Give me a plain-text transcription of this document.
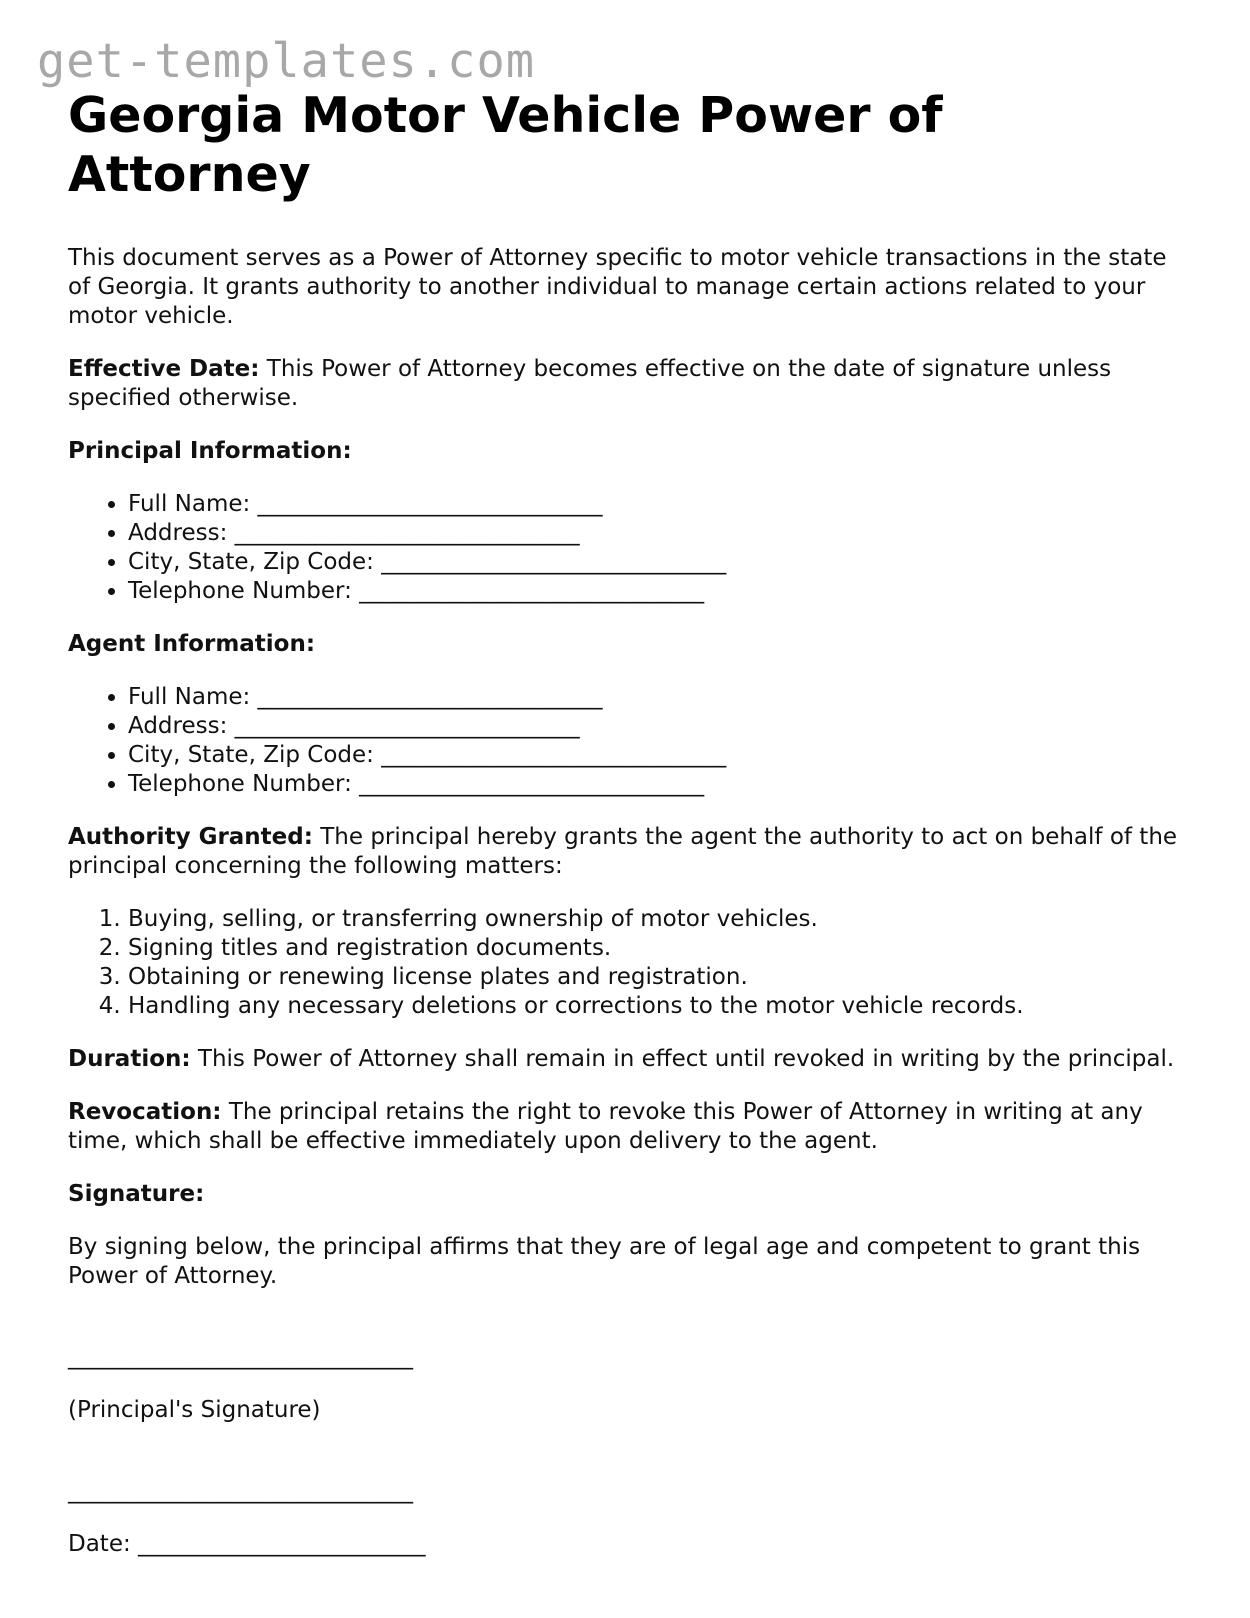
get-templates.com
Georgia Motor Vehicle Power of Attorney

This document serves as a Power of Attorney specific to motor vehicle transactions in the state of Georgia. It grants authority to another individual to manage certain actions related to your motor vehicle.

Effective Date: This Power of Attorney becomes effective on the date of signature unless specified otherwise.

Principal Information:

• Full Name: ______________________________
• Address: ______________________________
• City, State, Zip Code: ______________________________
• Telephone Number: ______________________________

Agent Information:

• Full Name: ______________________________
• Address: ______________________________
• City, State, Zip Code: ______________________________
• Telephone Number: ______________________________

Authority Granted: The principal hereby grants the agent the authority to act on behalf of the principal concerning the following matters:

1. Buying, selling, or transferring ownership of motor vehicles.
2. Signing titles and registration documents.
3. Obtaining or renewing license plates and registration.
4. Handling any necessary deletions or corrections to the motor vehicle records.

Duration: This Power of Attorney shall remain in effect until revoked in writing by the principal.

Revocation: The principal retains the right to revoke this Power of Attorney in writing at any time, which shall be effective immediately upon delivery to the agent.

Signature:

By signing below, the principal affirms that they are of legal age and competent to grant this Power of Attorney.

______________________________

(Principal's Signature)

______________________________

Date: _________________________
